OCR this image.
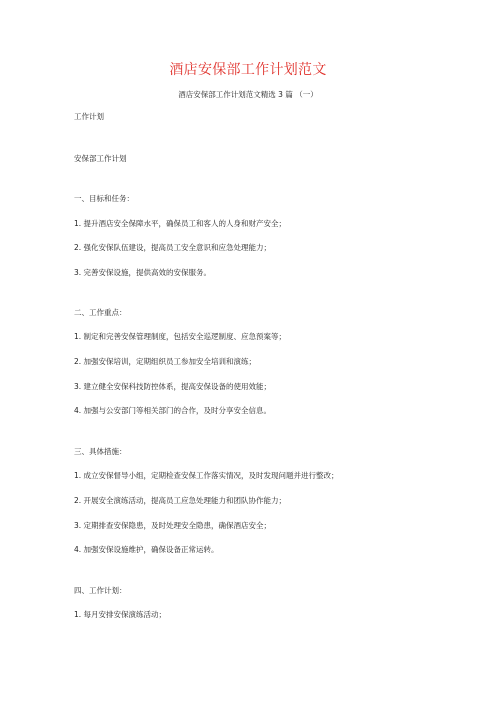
酒店安保部工作计划范文
酒店安保部工作计划范文精选 3 篇 （一）
工作计划
安保部工作计划
一、目标和任务：
1. 提升酒店安全保障水平，确保员工和客人的人身和财产安全；
2. 强化安保队伍建设，提高员工安全意识和应急处理能力；
3. 完善安保设施，提供高效的安保服务。
二、工作重点：
1. 制定和完善安保管理制度，包括安全巡逻制度、应急预案等；
2. 加强安保培训，定期组织员工参加安全培训和演练；
3. 建立健全安保科技防控体系，提高安保设备的使用效能；
4. 加强与公安部门等相关部门的合作，及时分享安全信息。
三、具体措施：
1. 成立安保督导小组，定期检查安保工作落实情况，及时发现问题并进行整改；
2. 开展安全演练活动，提高员工应急处理能力和团队协作能力；
3. 定期排查安保隐患，及时处理安全隐患，确保酒店安全；
4. 加强安保设施维护，确保设备正常运转。
四、工作计划：
1. 每月安排安保演练活动；
